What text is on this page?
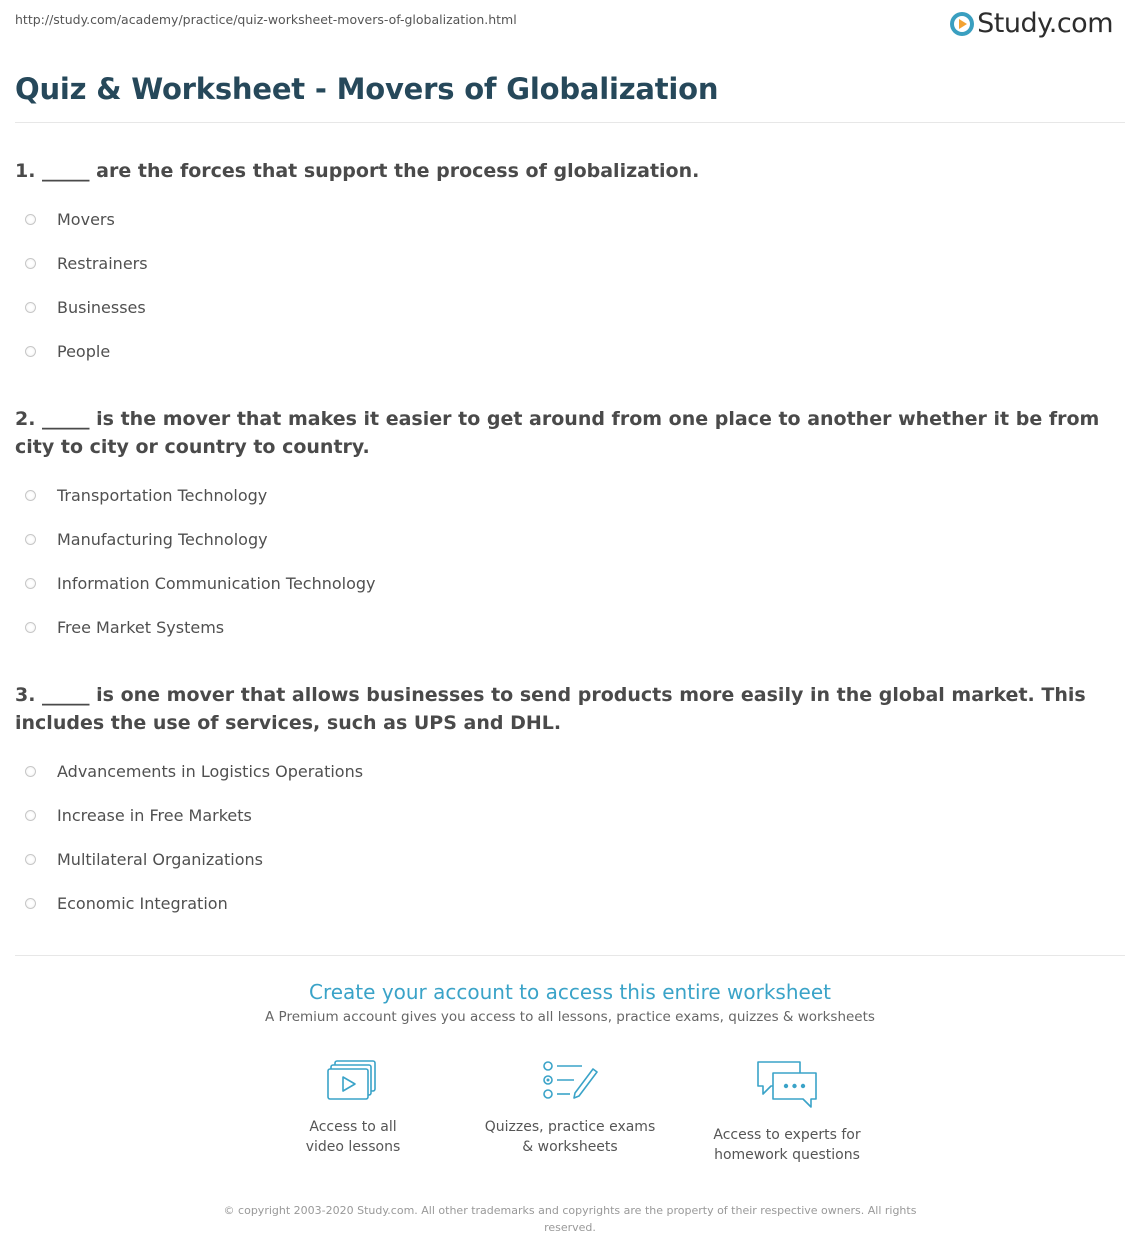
http://study.com/academy/practice/quiz-worksheet-movers-of-globalization.html	Study.com
Quiz & Worksheet - Movers of Globalization

1. _____ are the forces that support the process of globalization.

Movers
Restrainers
Businesses
People

2. _____ is the mover that makes it easier to get around from one place to another whether it be from city to city or country to country.

Transportation Technology
Manufacturing Technology
Information Communication Technology
Free Market Systems

3. _____ is one mover that allows businesses to send products more easily in the global market. This includes the use of services, such as UPS and DHL.

Advancements in Logistics Operations
Increase in Free Markets
Multilateral Organizations
Economic Integration
Create your account to access this entire worksheet
A Premium account gives you access to all lessons, practice exams, quizzes & worksheets
Access to all
video lessons
Quizzes, practice exams
& worksheets
Access to experts for
homework questions
© copyright 2003-2020 Study.com. All other trademarks and copyrights are the property of their respective owners. All rights reserved.
